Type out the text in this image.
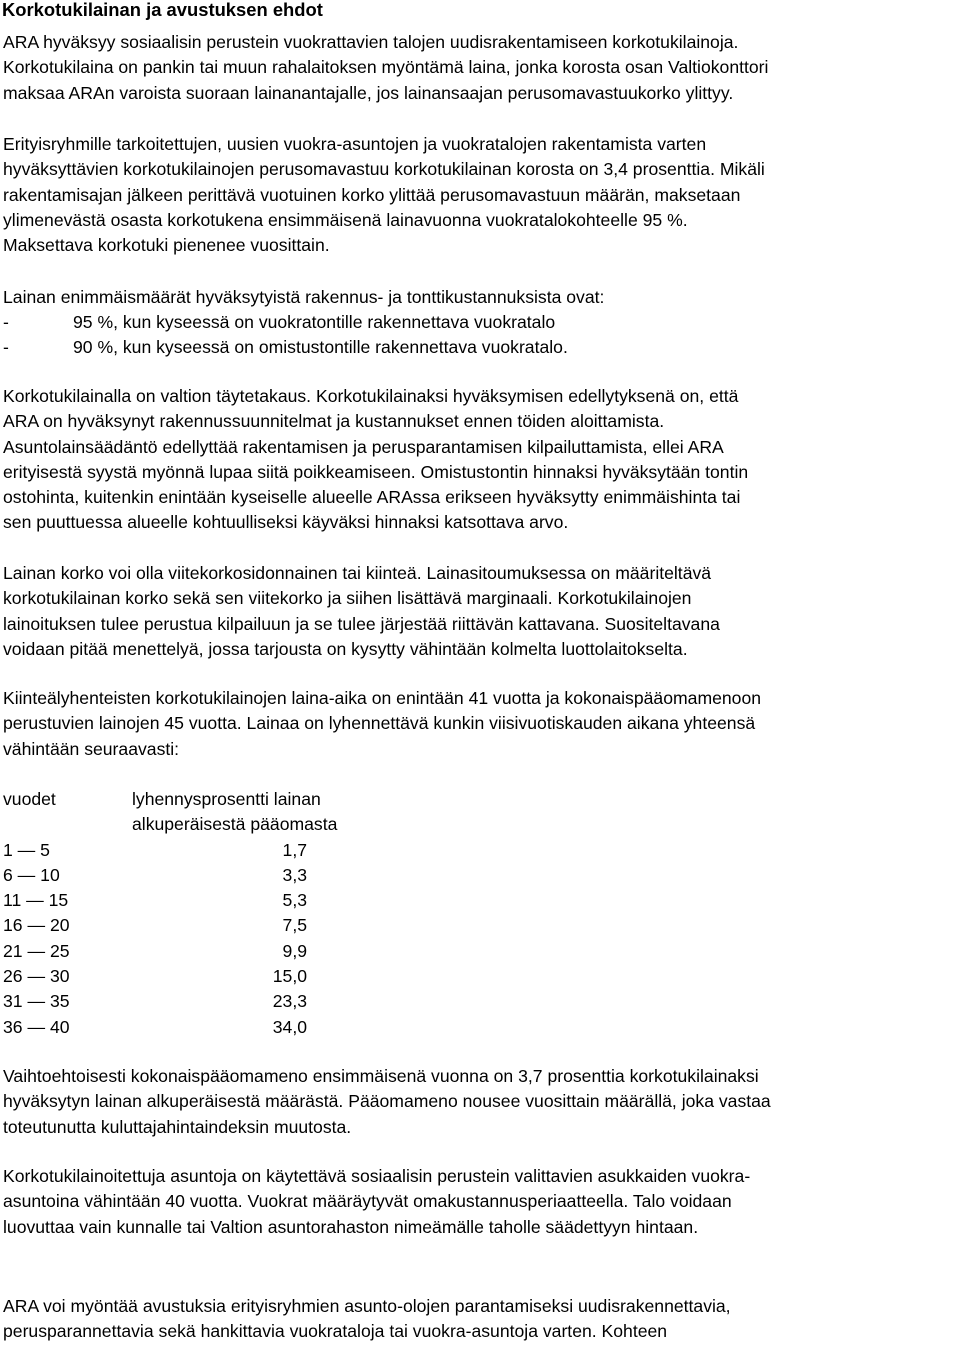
Korkotukilainan ja avustuksen ehdot
ARA hyväksyy sosiaalisin perustein vuokrattavien talojen uudisrakentamiseen korkotukilainoja.
Korkotukilaina on pankin tai muun rahalaitoksen myöntämä laina, jonka korosta osan Valtiokonttori
maksaa ARAn varoista suoraan lainanantajalle, jos lainansaajan perusomavastuukorko ylittyy.
Erityisryhmille tarkoitettujen, uusien vuokra-asuntojen ja vuokratalojen rakentamista varten
hyväksyttävien korkotukilainojen perusomavastuu korkotukilainan korosta on 3,4 prosenttia. Mikäli
rakentamisajan jälkeen perittävä vuotuinen korko ylittää perusomavastuun määrän, maksetaan
ylimenevästä osasta korkotukena ensimmäisenä lainavuonna vuokratalokohteelle 95 %.
Maksettava korkotuki pienenee vuosittain.
Lainan enimmäismäärät hyväksytyistä rakennus- ja tonttikustannuksista ovat:
-	95 %, kun kyseessä on vuokratontille rakennettava vuokratalo
-	90 %, kun kyseessä on omistustontille rakennettava vuokratalo.
Korkotukilainalla on valtion täytetakaus. Korkotukilainaksi hyväksymisen edellytyksenä on, että
ARA on hyväksynyt rakennussuunnitelmat ja kustannukset ennen töiden aloittamista.
Asuntolainsäädäntö edellyttää rakentamisen ja perusparantamisen kilpailuttamista, ellei ARA
erityisestä syystä myönnä lupaa siitä poikkeamiseen. Omistustontin hinnaksi hyväksytään tontin
ostohinta, kuitenkin enintään kyseiselle alueelle ARAssa erikseen hyväksytty enimmäishinta tai
sen puuttuessa alueelle kohtuulliseksi käyväksi hinnaksi katsottava arvo.
Lainan korko voi olla viitekorkosidonnainen tai kiinteä. Lainasitoumuksessa on määriteltävä
korkotukilainan korko sekä sen viitekorko ja siihen lisättävä marginaali. Korkotukilainojen
lainoituksen tulee perustua kilpailuun ja se tulee järjestää riittävän kattavana. Suositeltavana
voidaan pitää menettelyä, jossa tarjousta on kysytty vähintään kolmelta luottolaitokselta.
Kiinteälyhenteisten korkotukilainojen laina-aika on enintään 41 vuotta ja kokonaispääomamenoon
perustuvien lainojen 45 vuotta. Lainaa on lyhennettävä kunkin viisivuotiskauden aikana yhteensä
vähintään seuraavasti:
vuodet	lyhennysprosentti lainan
alkuperäisestä pääomasta
1 — 5	1,7
6 — 10	3,3
11 — 15	5,3
16 — 20	7,5
21 — 25	9,9
26 — 30	15,0
31 — 35	23,3
36 — 40	34,0
Vaihtoehtoisesti kokonaispääomameno ensimmäisenä vuonna on 3,7 prosenttia korkotukilainaksi
hyväksytyn lainan alkuperäisestä määrästä. Pääomameno nousee vuosittain määrällä, joka vastaa
toteutunutta kuluttajahintaindeksin muutosta.
Korkotukilainoitettuja asuntoja on käytettävä sosiaalisin perustein valittavien asukkaiden vuokra-
asuntoina vähintään 40 vuotta. Vuokrat määräytyvät omakustannusperiaatteella. Talo voidaan
luovuttaa vain kunnalle tai Valtion asuntorahaston nimeämälle taholle säädettyyn hintaan.
ARA voi myöntää avustuksia erityisryhmien asunto-olojen parantamiseksi uudisrakennettavia,
perusparannettavia sekä hankittavia vuokrataloja tai vuokra-asuntoja varten. Kohteen
